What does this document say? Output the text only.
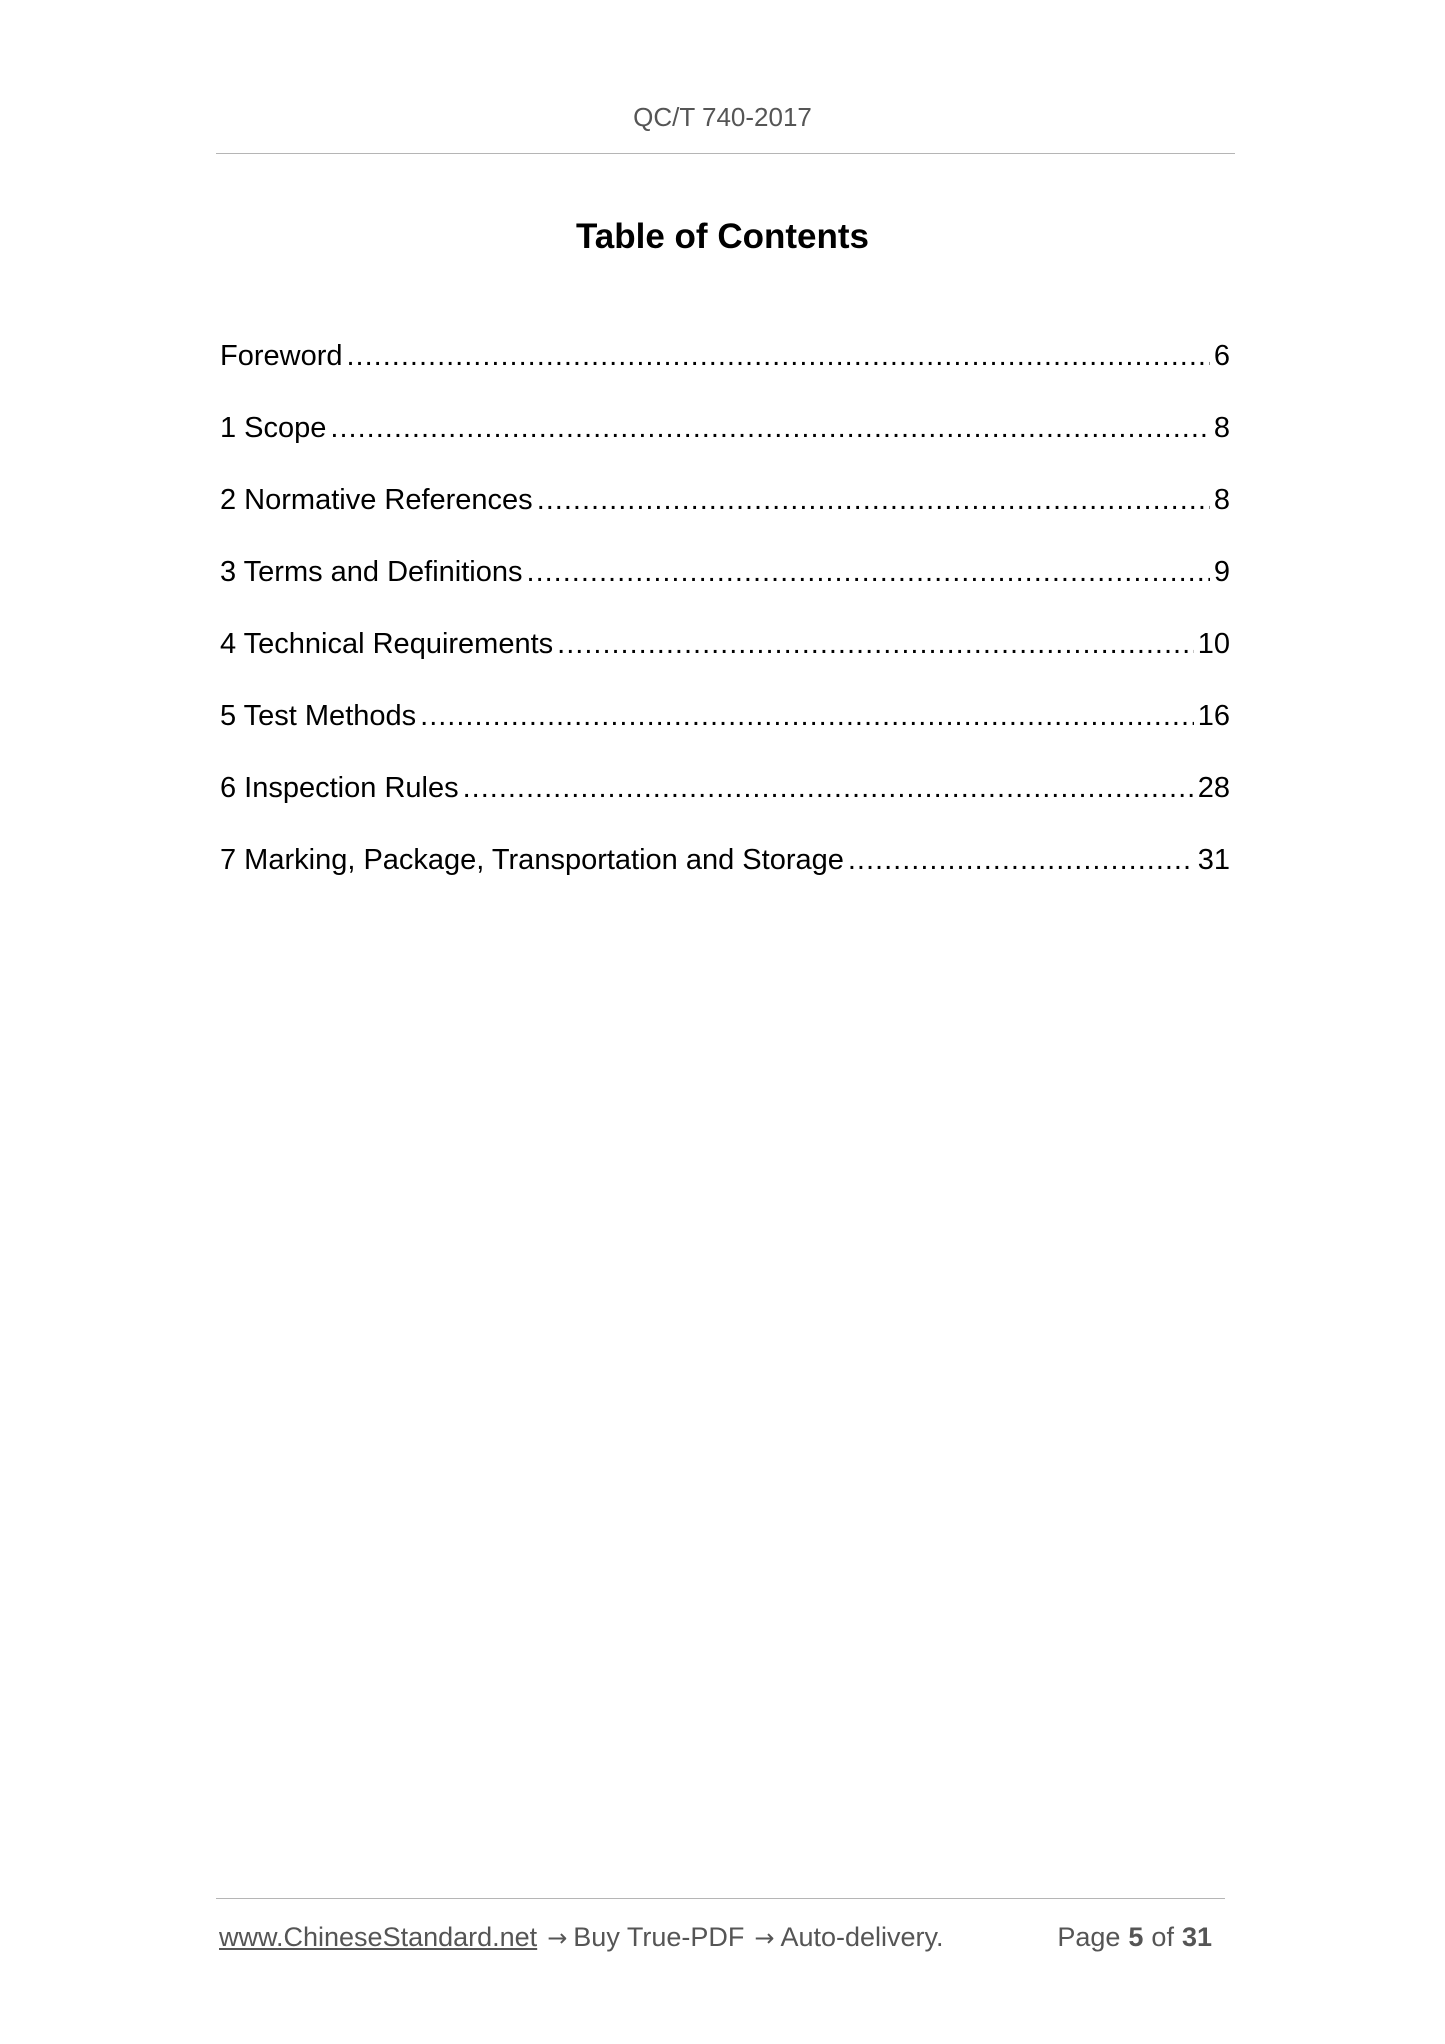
QC/T 740-2017
Table of Contents
Foreword .....	6
1 Scope .....	8
2 Normative References .....	8
3 Terms and Definitions .....	9
4 Technical Requirements .....	10
5 Test Methods .....	16
6 Inspection Rules .....	28
7 Marking, Package, Transportation and Storage .....	31
www.ChineseStandard.net → Buy True-PDF → Auto-delivery.	Page 5 of 31
